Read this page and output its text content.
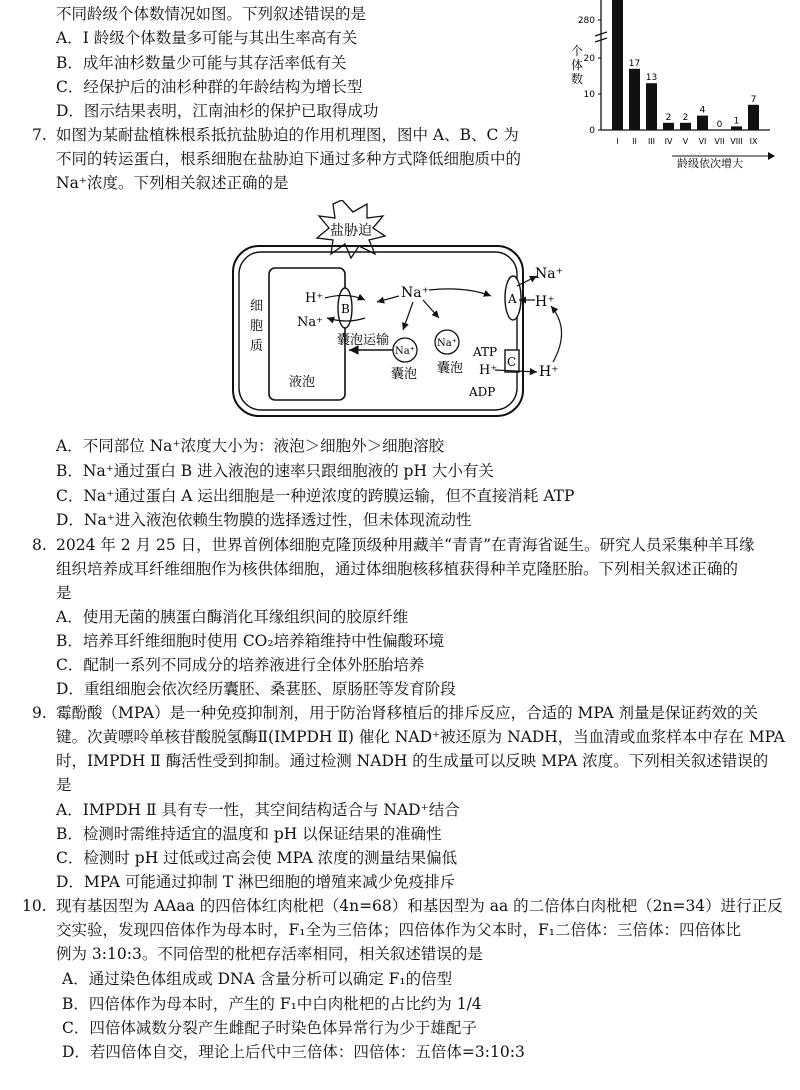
不同龄级个体数情况如图。下列叙述错误的是
A．I 龄级个体数量多可能与其出生率高有关
B．成年油杉数量少可能与其存活率低有关
C．经保护后的油杉种群的年龄结构为增长型
D．图示结果表明，江南油杉的保护已取得成功
0
10
20
280
17
13
2 2
4
0 1
7
I II III IV V VI VII VIII IX
个体数
龄级依次增大
7. 如图为某耐盐植株根系抵抗盐胁迫的作用机理图，图中 A、B、C 为
不同的转运蛋白，根系细胞在盐胁迫下通过多种方式降低细胞质中的
Na⁺浓度。下列相关叙述正确的是
盐胁迫
液泡
细
胞
质
B
H⁺
Na⁺
Na⁺
囊泡运输
Na⁺
囊泡
Na⁺
囊泡
A
Na⁺
H⁺
C
ATP
H⁺
ADP
H⁺
A．不同部位 Na⁺浓度大小为：液泡＞细胞外＞细胞溶胶
B．Na⁺通过蛋白 B 进入液泡的速率只跟细胞液的 pH 大小有关
C．Na⁺通过蛋白 A 运出细胞是一种逆浓度的跨膜运输，但不直接消耗 ATP
D．Na⁺进入液泡依赖生物膜的选择透过性，但未体现流动性
8. 2024 年 2 月 25 日，世界首例体细胞克隆顶级种用藏羊“青青”在青海省诞生。研究人员采集种羊耳缘
组织培养成耳纤维细胞作为核供体细胞，通过体细胞核移植获得种羊克隆胚胎。下列相关叙述正确的
是
A．使用无菌的胰蛋白酶消化耳缘组织间的胶原纤维
B．培养耳纤维细胞时使用 CO₂培养箱维持中性偏酸环境
C．配制一系列不同成分的培养液进行全体外胚胎培养
D．重组细胞会依次经历囊胚、桑葚胚、原肠胚等发育阶段
9. 霉酚酸（MPA）是一种免疫抑制剂，用于防治肾移植后的排斥反应，合适的 MPA 剂量是保证药效的关
键。次黄嘌呤单核苷酸脱氢酶Ⅱ(IMPDH Ⅱ) 催化 NAD⁺被还原为 NADH，当血清或血浆样本中存在 MPA
时，IMPDH Ⅱ 酶活性受到抑制。通过检测 NADH 的生成量可以反映 MPA 浓度。下列相关叙述错误的
是
A．IMPDH Ⅱ 具有专一性，其空间结构适合与 NAD⁺结合
B．检测时需维持适宜的温度和 pH 以保证结果的准确性
C．检测时 pH 过低或过高会使 MPA 浓度的测量结果偏低
D．MPA 可能通过抑制 T 淋巴细胞的增殖来减少免疫排斥
10. 现有基因型为 AAaa 的四倍体红肉枇杷（4n=68）和基因型为 aa 的二倍体白肉枇杷（2n=34）进行正反
交实验，发现四倍体作为母本时，F₁全为三倍体；四倍体作为父本时，F₁二倍体：三倍体：四倍体比
例为 3:10:3。不同倍型的枇杷存活率相同，相关叙述错误的是
A．通过染色体组成或 DNA 含量分析可以确定 F₁的倍型
B．四倍体作为母本时，产生的 F₁中白肉枇杷的占比约为 1/4
C．四倍体减数分裂产生雌配子时染色体异常行为少于雄配子
D．若四倍体自交，理论上后代中三倍体：四倍体：五倍体=3:10:3
